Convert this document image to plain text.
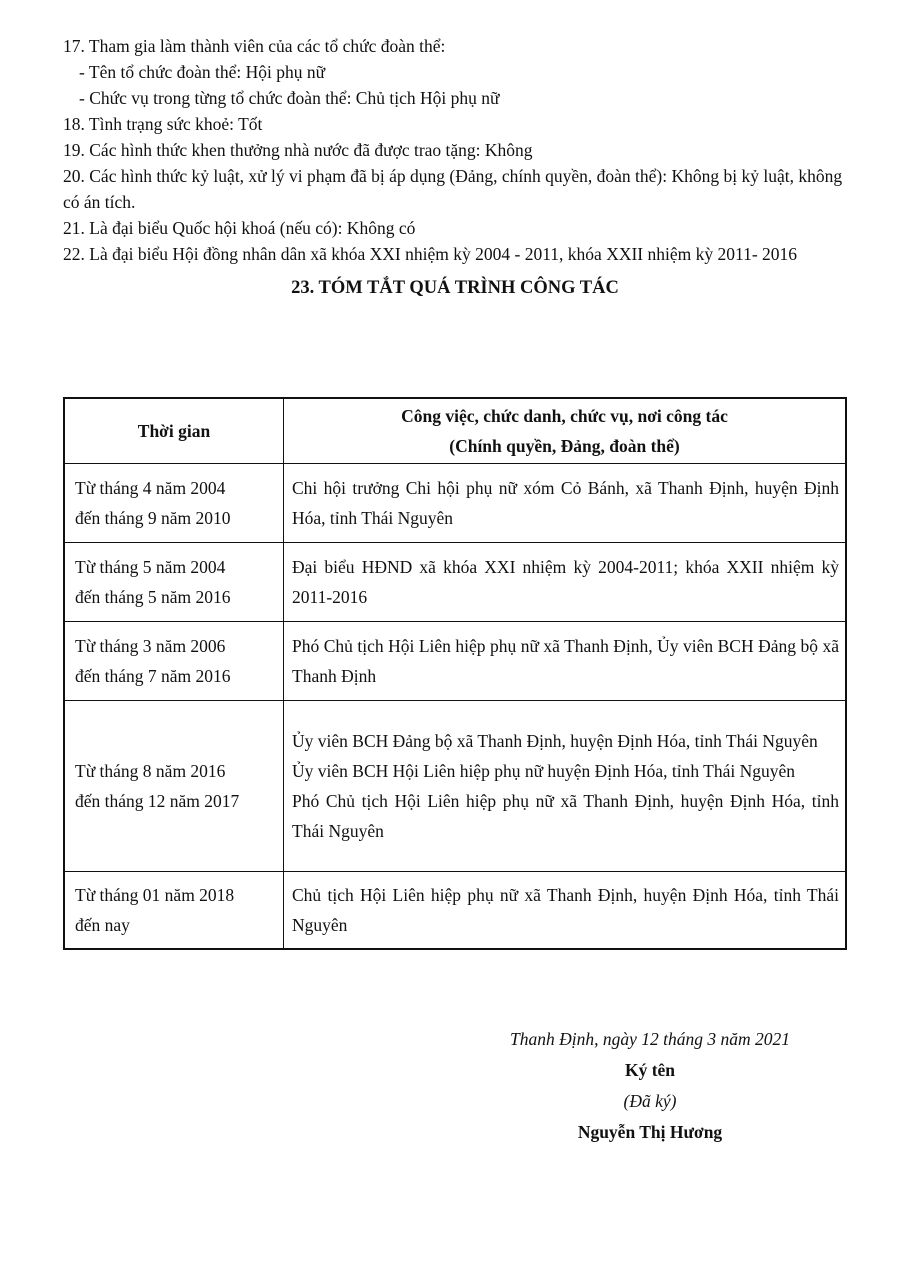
17. Tham gia làm thành viên của các tổ chức đoàn thể:

- Tên tổ chức đoàn thể: Hội phụ nữ

- Chức vụ trong từng tổ chức đoàn thể: Chủ tịch Hội phụ nữ

18. Tình trạng sức khoẻ: Tốt

19. Các hình thức khen thưởng nhà nước đã được trao tặng: Không

20. Các hình thức kỷ luật, xử lý vi phạm đã bị áp dụng (Đảng, chính quyền, đoàn thể): Không bị kỷ luật, không có án tích.

21. Là đại biểu Quốc hội khoá (nếu có): Không có

22. Là đại biểu Hội đồng nhân dân xã khóa XXI nhiệm kỳ 2004 - 2011, khóa XXII nhiệm kỳ 2011- 2016

23. TÓM TẮT QUÁ TRÌNH CÔNG TÁC
Thời gian	Công việc, chức danh, chức vụ, nơi công tác
(Chính quyền, Đảng, đoàn thể)

Từ tháng 4 năm 2004
đến tháng 9 năm 2010	Chi hội trưởng Chi hội phụ nữ xóm Cỏ Bánh, xã Thanh Định, huyện Định Hóa, tỉnh Thái Nguyên

Từ tháng 5 năm 2004
đến tháng 5 năm 2016	Đại biểu HĐND xã khóa XXI nhiệm kỳ 2004-2011; khóa XXII nhiệm kỳ 2011-2016

Từ tháng 3 năm 2006
đến tháng 7 năm 2016	Phó Chủ tịch Hội Liên hiệp phụ nữ xã Thanh Định, Ủy viên BCH Đảng bộ xã Thanh Định

Từ tháng 8 năm 2016
đến tháng 12 năm 2017	Ủy viên BCH Đảng bộ xã Thanh Định, huyện Định Hóa, tỉnh Thái Nguyên
Ủy viên BCH Hội Liên hiệp phụ nữ huyện Định Hóa, tỉnh Thái Nguyên
Phó Chủ tịch Hội Liên hiệp phụ nữ xã Thanh Định, huyện Định Hóa, tỉnh Thái Nguyên

Từ tháng 01 năm 2018
đến nay	Chủ tịch Hội Liên hiệp phụ nữ xã Thanh Định, huyện Định Hóa, tỉnh Thái Nguyên
Thanh Định, ngày 12 tháng 3 năm 2021
Ký tên
(Đã ký)
Nguyễn Thị Hương
